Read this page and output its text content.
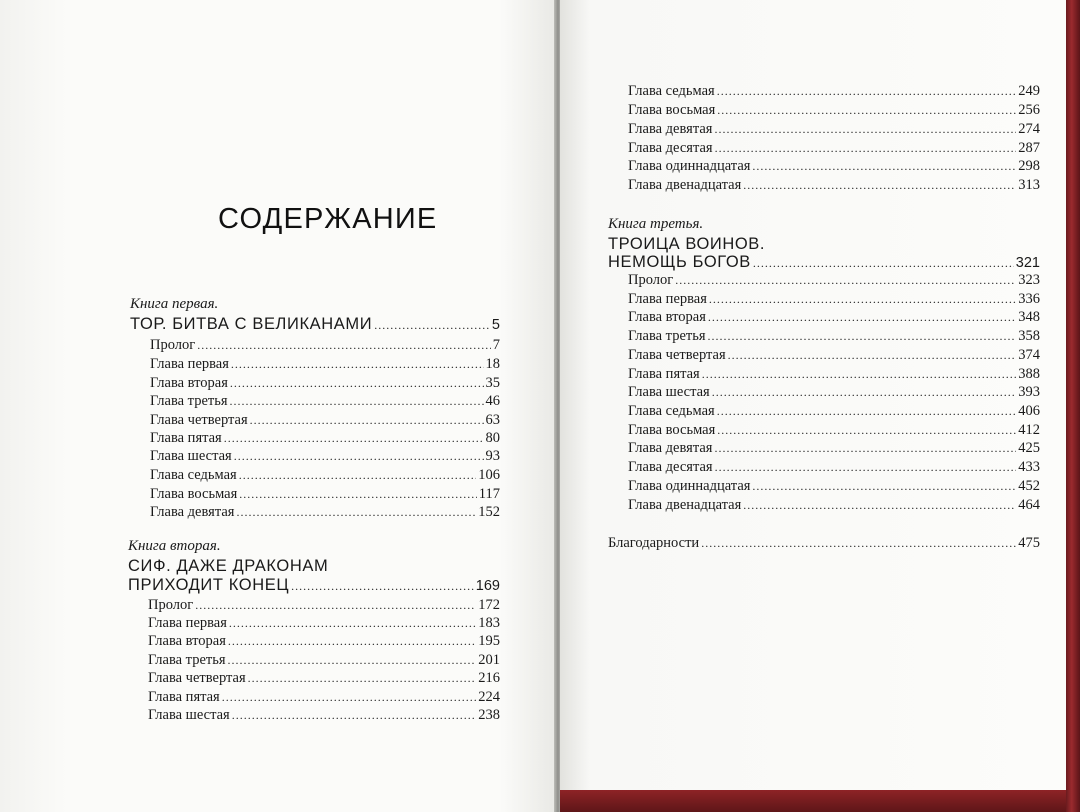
СОДЕРЖАНИЕ

Книга первая.

ТОР. БИТВА С ВЕЛИКАНАМИ .....	5
Пролог .....	7
Глава первая .....	18
Глава вторая .....	35
Глава третья .....	46
Глава четвертая .....	63
Глава пятая .....	80
Глава шестая .....	93
Глава седьмая .....	106
Глава восьмая .....	117
Глава девятая .....	152

Книга вторая.

СИФ. ДАЖЕ ДРАКОНАМ
ПРИХОДИТ КОНЕЦ .....	169
Пролог .....	172
Глава первая .....	183
Глава вторая .....	195
Глава третья .....	201
Глава четвертая .....	216
Глава пятая .....	224
Глава шестая .....	238
Глава седьмая .....	249
Глава восьмая .....	256
Глава девятая .....	274
Глава десятая .....	287
Глава одиннадцатая .....	298
Глава двенадцатая .....	313

Книга третья.

ТРОИЦА ВОИНОВ.
НЕМОЩЬ БОГОВ .....	321
Пролог .....	323
Глава первая .....	336
Глава вторая .....	348
Глава третья .....	358
Глава четвертая .....	374
Глава пятая .....	388
Глава шестая .....	393
Глава седьмая .....	406
Глава восьмая .....	412
Глава девятая .....	425
Глава десятая .....	433
Глава одиннадцатая .....	452
Глава двенадцатая .....	464
Благодарности .....	475
